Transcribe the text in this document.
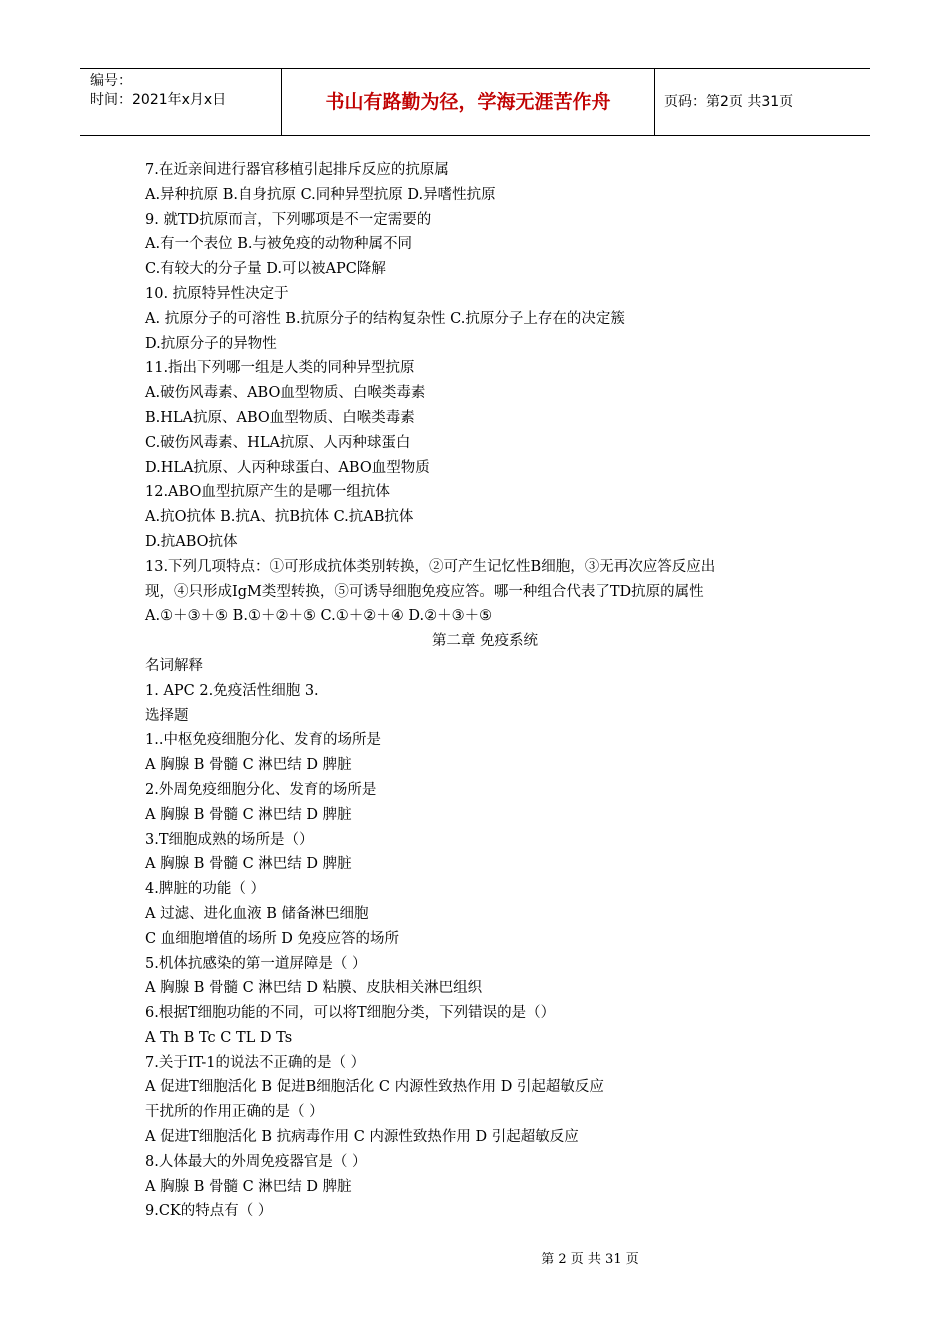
编号：
时间：2021年x月x日	书山有路勤为径，学海无涯苦作舟	页码：第2页 共31页
7.在近亲间进行器官移植引起排斥反应的抗原属
A.异种抗原 B.自身抗原 C.同种异型抗原 D.异嗜性抗原
9. 就TD抗原而言，下列哪项是不一定需要的
A.有一个表位 B.与被免疫的动物种属不同
C.有较大的分子量 D.可以被APC降解
10. 抗原特异性决定于
A. 抗原分子的可溶性 B.抗原分子的结构复杂性 C.抗原分子上存在的决定簇
D.抗原分子的异物性
11.指出下列哪一组是人类的同种异型抗原
A.破伤风毒素、ABO血型物质、白喉类毒素
B.HLA抗原、ABO血型物质、白喉类毒素
C.破伤风毒素、HLA抗原、人丙种球蛋白
D.HLA抗原、人丙种球蛋白、ABO血型物质
12.ABO血型抗原产生的是哪一组抗体
A.抗O抗体 B.抗A、抗B抗体 C.抗AB抗体
D.抗ABO抗体
13.下列几项特点：①可形成抗体类别转换，②可产生记忆性B细胞，③无再次应答反应出
现，④只形成IgM类型转换，⑤可诱导细胞免疫应答。哪一种组合代表了TD抗原的属性
A.①＋③＋⑤ B.①＋②＋⑤ C.①＋②＋④ D.②＋③＋⑤
第二章 免疫系统
名词解释
1. APC 2.免疫活性细胞 3.
选择题
1..中枢免疫细胞分化、发育的场所是
A 胸腺 B 骨髓 C 淋巴结 D 脾脏
2.外周免疫细胞分化、发育的场所是
A 胸腺 B 骨髓 C 淋巴结 D 脾脏
3.T细胞成熟的场所是（）
A 胸腺 B 骨髓 C 淋巴结 D 脾脏
4.脾脏的功能（ ）
A 过滤、进化血液 B 储备淋巴细胞
C 血细胞增值的场所 D 免疫应答的场所
5.机体抗感染的第一道屏障是（ ）
A 胸腺 B 骨髓 C 淋巴结 D 粘膜、皮肤相关淋巴组织
6.根据T细胞功能的不同，可以将T细胞分类，下列错误的是（）
A Th B Tc C TL D Ts
7.关于IT-1的说法不正确的是（ ）
A 促进T细胞活化 B 促进B细胞活化 C 内源性致热作用 D 引起超敏反应
干扰所的作用正确的是（ ）
A 促进T细胞活化 B 抗病毒作用 C 内源性致热作用 D 引起超敏反应
8.人体最大的外周免疫器官是（ ）
A 胸腺 B 骨髓 C 淋巴结 D 脾脏
9.CK的特点有（ ）
第 2 页 共 31 页
